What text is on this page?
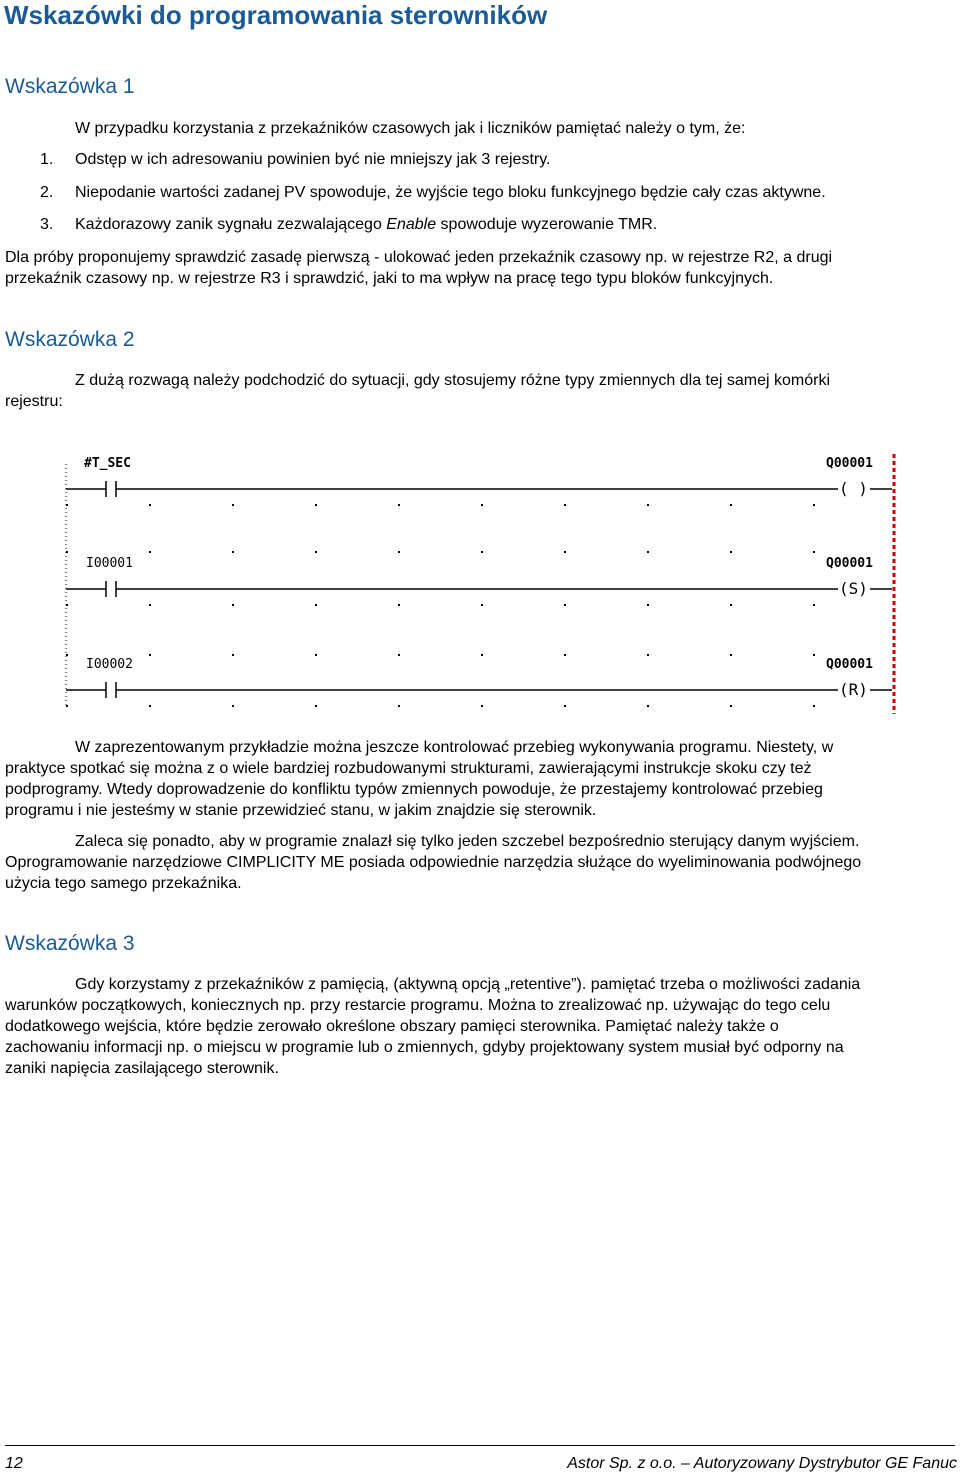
Wskazówki do programowania sterowników
Wskazówka 1
W przypadku korzystania z przekaźników czasowych jak i liczników pamiętać należy o tym, że:
1. Odstęp w ich adresowaniu powinien być nie mniejszy jak 3 rejestry.
2. Niepodanie wartości zadanej PV spowoduje, że wyjście tego bloku funkcyjnego będzie cały czas aktywne.
3. Każdorazowy zanik sygnału zezwalającego Enable spowoduje wyzerowanie TMR.
Dla próby proponujemy sprawdzić zasadę pierwszą - ulokować jeden przekaźnik czasowy np. w rejestrze R2, a drugi
przekaźnik czasowy np. w rejestrze R3 i sprawdzić, jaki to ma wpływ na pracę tego typu bloków funkcyjnych.
Wskazówka 2
Z dużą rozwagą należy podchodzić do sytuacji, gdy stosujemy różne typy zmiennych dla tej samej komórki
rejestru:
#T_SEC	Q00001
( )
I00001	Q00001
(S)
I00002	Q00001
(R)
W zaprezentowanym przykładzie można jeszcze kontrolować przebieg wykonywania programu. Niestety, w
praktyce spotkać się można z o wiele bardziej rozbudowanymi strukturami, zawierającymi instrukcje skoku czy też
podprogramy. Wtedy doprowadzenie do konfliktu typów zmiennych powoduje, że przestajemy kontrolować przebieg
programu i nie jesteśmy w stanie przewidzieć stanu, w jakim znajdzie się sterownik.
Zaleca się ponadto, aby w programie znalazł się tylko jeden szczebel bezpośrednio sterujący danym wyjściem.
Oprogramowanie narzędziowe CIMPLICITY ME posiada odpowiednie narzędzia służące do wyeliminowania podwójnego
użycia tego samego przekaźnika.
Wskazówka 3
Gdy korzystamy z przekaźników z pamięcią, (aktywną opcją „retentive”). pamiętać trzeba o możliwości zadania
warunków początkowych, koniecznych np. przy restarcie programu. Można to zrealizować np. używając do tego celu
dodatkowego wejścia, które będzie zerowało określone obszary pamięci sterownika. Pamiętać należy także o
zachowaniu informacji np. o miejscu w programie lub o zmiennych, gdyby projektowany system musiał być odporny na
zaniki napięcia zasilającego sterownik.
12	Astor Sp. z o.o. – Autoryzowany Dystrybutor GE Fanuc
